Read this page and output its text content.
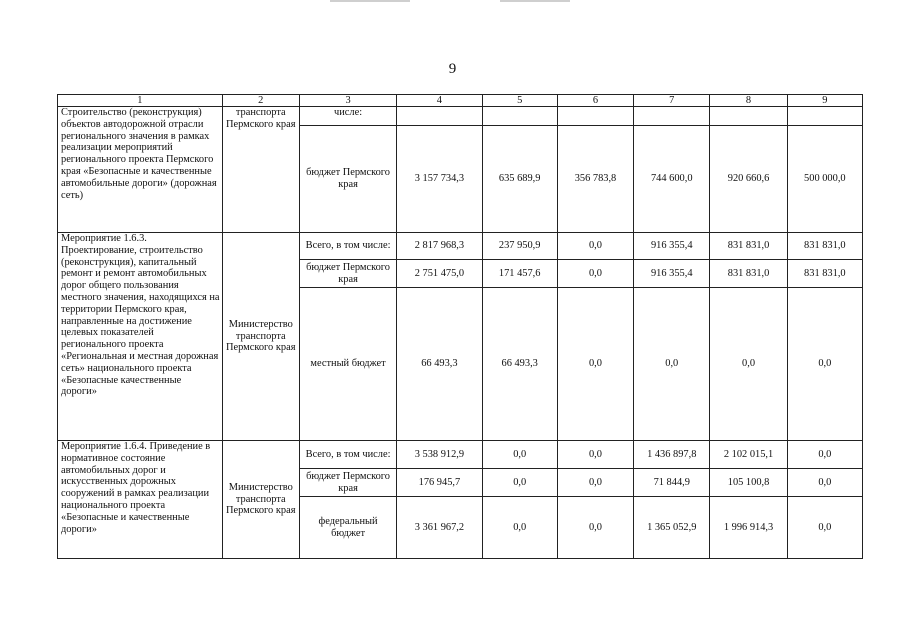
9
1	2	3	4	5	6	7	8	9
Строительство (реконструкция) объектов автодорожной отрасли регионального значения в рамках реализации мероприятий регионального проекта Пермского края «Безопасные и качественные автомобильные дороги» (дорожная сеть)	транспорта Пермского края	числе:						
		бюджет Пермского края	3 157 734,3	635 689,9	356 783,8	744 600,0	920 660,6	500 000,0
Мероприятие 1.6.3. Проектирование, строительство (реконструкция), капитальный ремонт и ремонт автомобильных дорог общего пользования местного значения, находящихся на территории Пермского края, направленные на достижение целевых показателей регионального проекта «Региональная и местная дорожная сеть» национального проекта «Безопасные качественные дороги»	Министерство транспорта Пермского края	Всего, в том числе:	2 817 968,3	237 950,9	0,0	916 355,4	831 831,0	831 831,0
		бюджет Пермского края	2 751 475,0	171 457,6	0,0	916 355,4	831 831,0	831 831,0
		местный бюджет	66 493,3	66 493,3	0,0	0,0	0,0	0,0
Мероприятие 1.6.4. Приведение в нормативное состояние автомобильных дорог и искусственных дорожных сооружений в рамках реализации национального проекта «Безопасные и качественные дороги»	Министерство транспорта Пермского края	Всего, в том числе:	3 538 912,9	0,0	0,0	1 436 897,8	2 102 015,1	0,0
		бюджет Пермского края	176 945,7	0,0	0,0	71 844,9	105 100,8	0,0
		федеральный бюджет	3 361 967,2	0,0	0,0	1 365 052,9	1 996 914,3	0,0
